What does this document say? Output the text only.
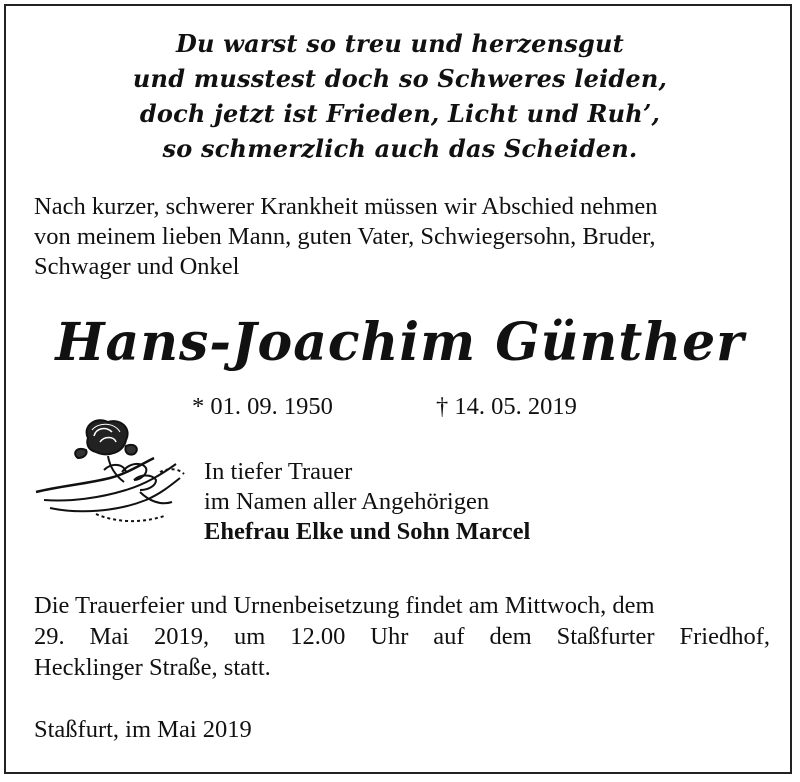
Du warst so treu und herzensgut
und musstest doch so Schweres leiden,
doch jetzt ist Frieden, Licht und Ruh’,
so schmerzlich auch das Scheiden.
Nach kurzer, schwerer Krankheit müssen wir Abschied nehmen
von meinem lieben Mann, guten Vater, Schwiegersohn, Bruder,
Schwager und Onkel
Hans-Joachim Günther
* 01. 09. 1950	† 14. 05. 2019
In tiefer Trauer
im Namen aller Angehörigen
Ehefrau Elke und Sohn Marcel
Die Trauerfeier und Urnenbeisetzung findet am Mittwoch, dem
29. Mai 2019, um 12.00 Uhr auf dem Staßfurter Friedhof,
Hecklinger Straße, statt.
Staßfurt, im Mai 2019
